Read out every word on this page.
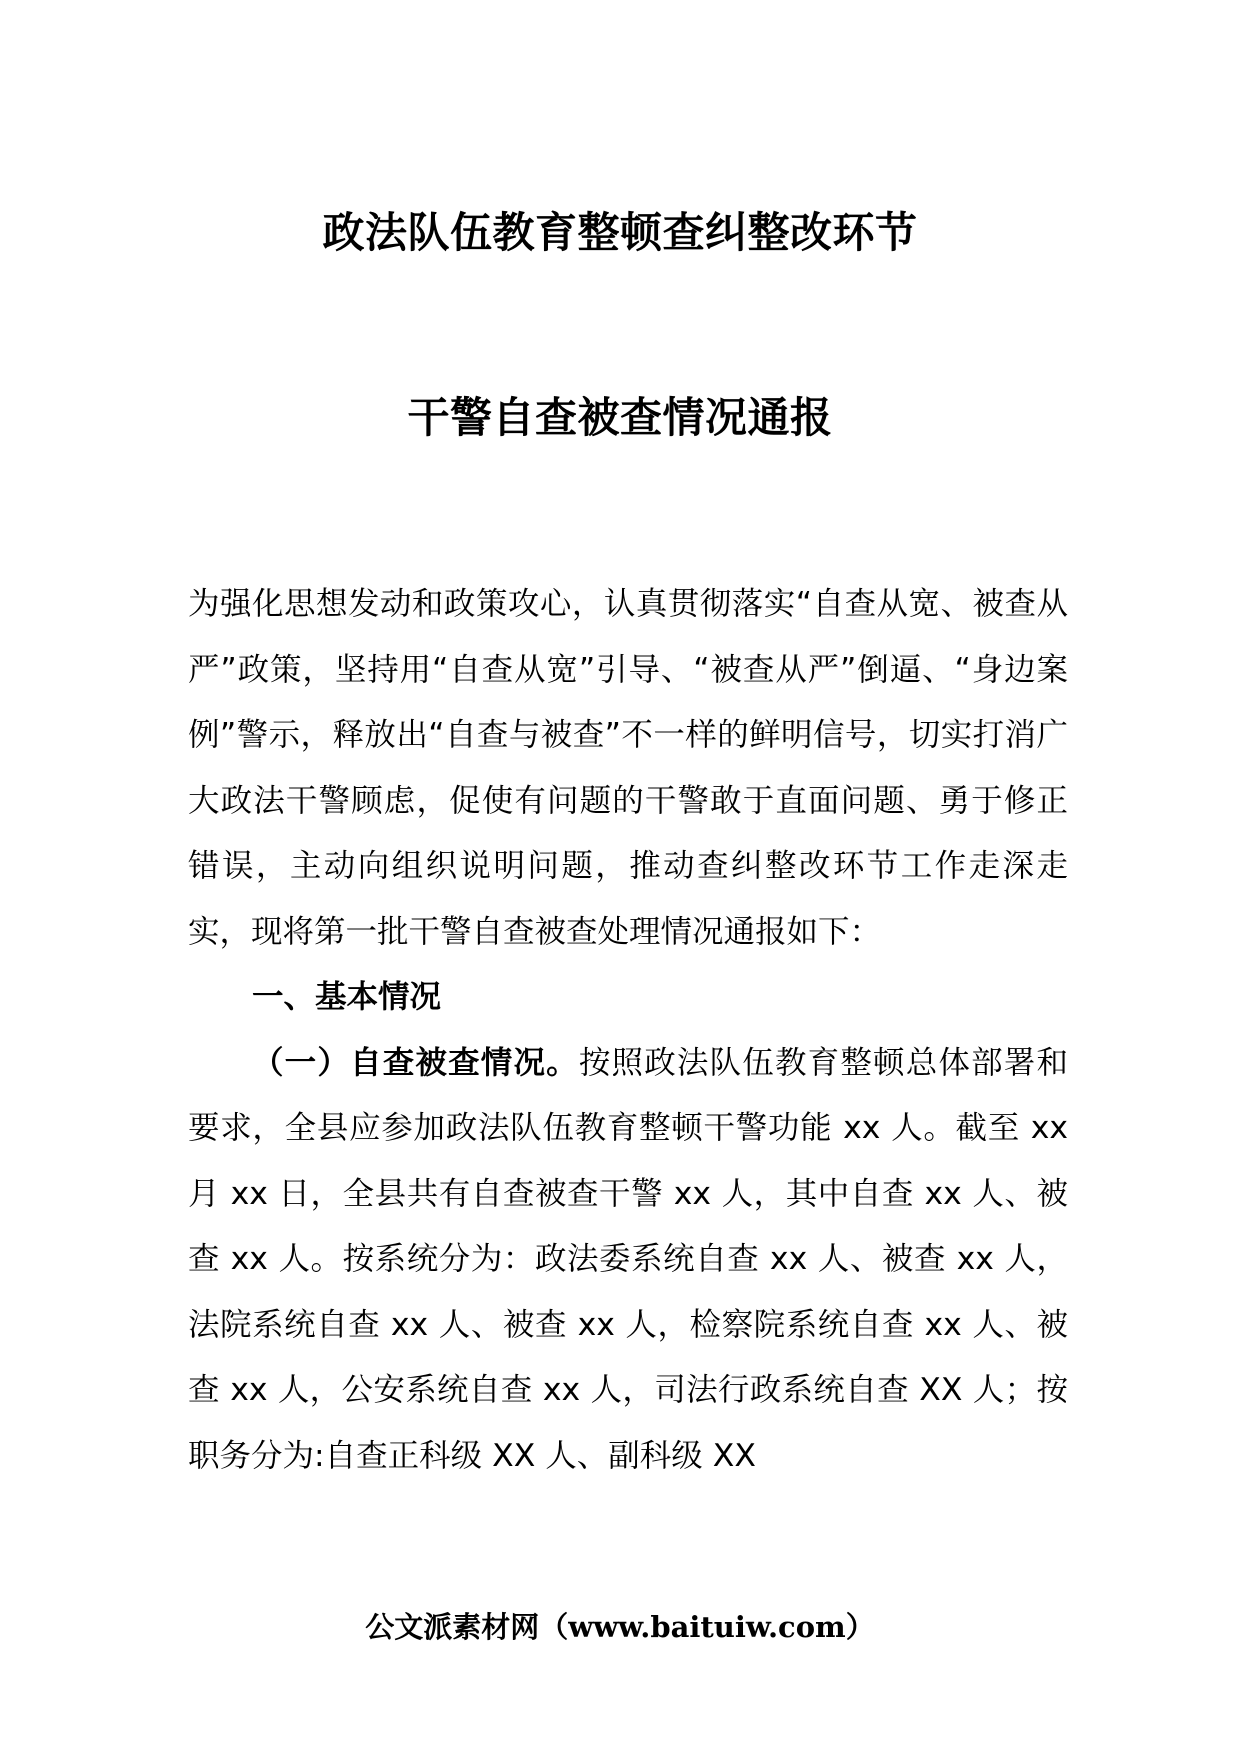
政法队伍教育整顿查纠整改环节
干警自查被查情况通报

为强化思想发动和政策攻心，认真贯彻落实“自查从宽、被查从严”政策，坚持用“自查从宽”引导、“被查从严”倒逼、“身边案例”警示，释放出“自查与被查”不一样的鲜明信号，切实打消广大政法干警顾虑，促使有问题的干警敢于直面问题、勇于修正错误，主动向组织说明问题，推动查纠整改环节工作走深走实，现将第一批干警自查被查处理情况通报如下：

一、基本情况

（一）自查被查情况。按照政法队伍教育整顿总体部署和要求，全县应参加政法队伍教育整顿干警功能 xx 人。截至 xx 月 xx 日，全县共有自查被查干警 xx 人，其中自查 xx 人、被查 xx 人。按系统分为：政法委系统自查 xx 人、被查 xx 人，法院系统自查 xx 人、被查 xx 人，检察院系统自查 xx 人、被查 xx 人，公安系统自查 xx 人，司法行政系统自查 XX 人；按职务分为:自查正科级 XX 人、副科级 XX

公文派素材网（www.baituiw.com）
